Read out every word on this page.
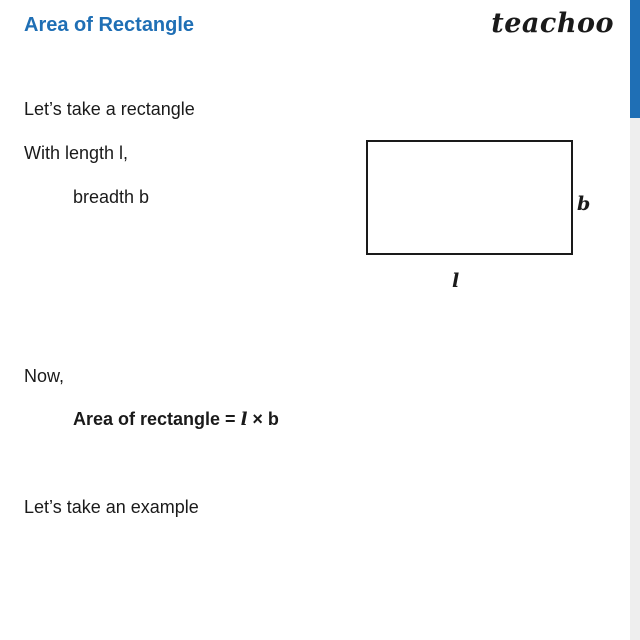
Area of Rectangle	teachoo

Let’s take a rectangle

With length l,

breadth b	b
l

Now,

Area of rectangle = l × b

Let’s take an example
